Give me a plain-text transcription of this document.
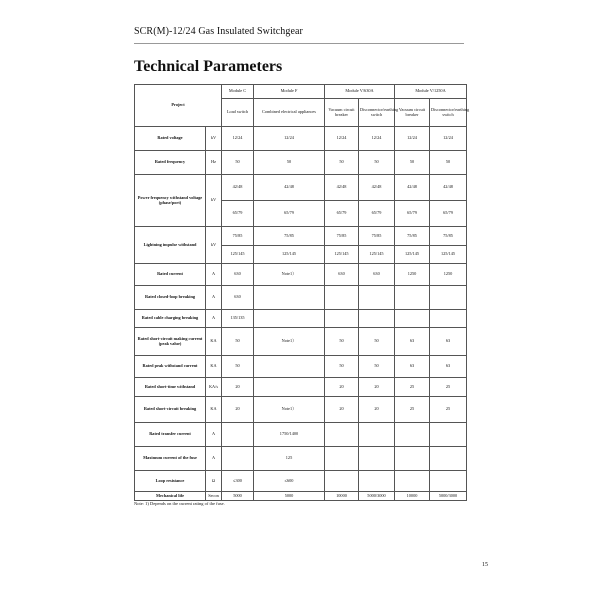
SCR(M)-12/24 Gas Insulated Switchgear
Technical Parameters
Project		Module C	Module F	Module V/630A		Module V/1250A	
		Load switch	Combined electrical appliances	Vacuum circuit breaker	Disconnector/earthing switch	Vacuum circuit breaker	Disconnector/earthing switch
Rated voltage	kV	12/24	12/24	12/24	12/24	12/24	12/24
Rated frequency	Hz	50	50	50	50	50	50
Power frequency withstand voltage (phase/port)	kV	42/48	42/48	42/48	42/48	42/48	42/48
		65/79	65/79	65/79	65/79	65/79	65/79
Lightning impulse withstand	kV	75/85	75/85	75/85	75/85	75/85	75/85
		125/145	125/145	125/145	125/145	125/145	125/145
Rated current	A	630	Note1）	630	630	1250	1250
Rated closed-loop breaking	A	630					
Rated cable charging breaking	A	135/135					
Rated short-circuit making current (peak value)	KA	50	Note1）	50	50	63	63
Rated peak withstand current	KA	50		50	50	63	63
Rated short-time withstand	KA/s	20		20	20	25	25
Rated short-circuit breaking	KA	20	Note1）	20	20	25	25
Rated transfer current	A		1750/1400				
Maximum current of the fuse	A		125				
Loop resistance	Ω	≤300	≤600				
Mechanical life	Secon	5000	5000	10000	5000/3000	10000	5000/3000
Note: 1) Depends on the current rating of the fuse.
15
